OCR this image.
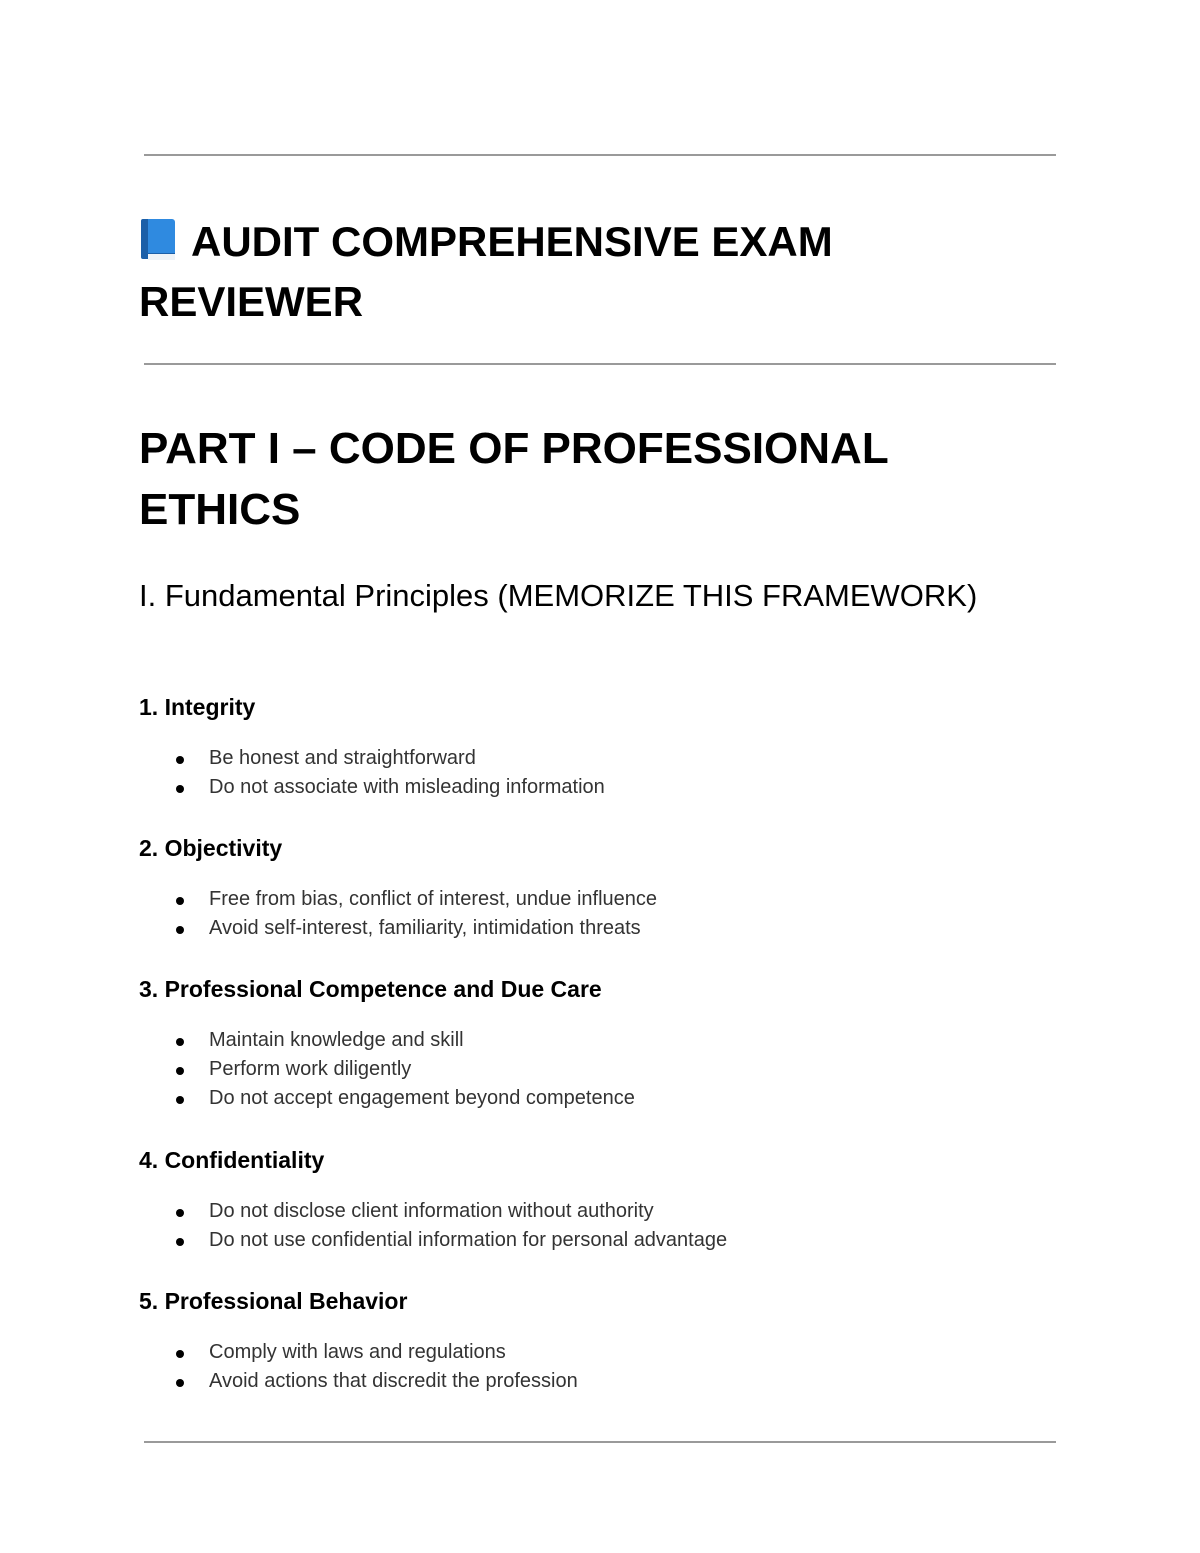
AUDIT COMPREHENSIVE EXAM REVIEWER
PART I – CODE OF PROFESSIONAL ETHICS
I. Fundamental Principles (MEMORIZE THIS FRAMEWORK)
1. Integrity
Be honest and straightforward
Do not associate with misleading information
2. Objectivity
Free from bias, conflict of interest, undue influence
Avoid self-interest, familiarity, intimidation threats
3. Professional Competence and Due Care
Maintain knowledge and skill
Perform work diligently
Do not accept engagement beyond competence
4. Confidentiality
Do not disclose client information without authority
Do not use confidential information for personal advantage
5. Professional Behavior
Comply with laws and regulations
Avoid actions that discredit the profession
